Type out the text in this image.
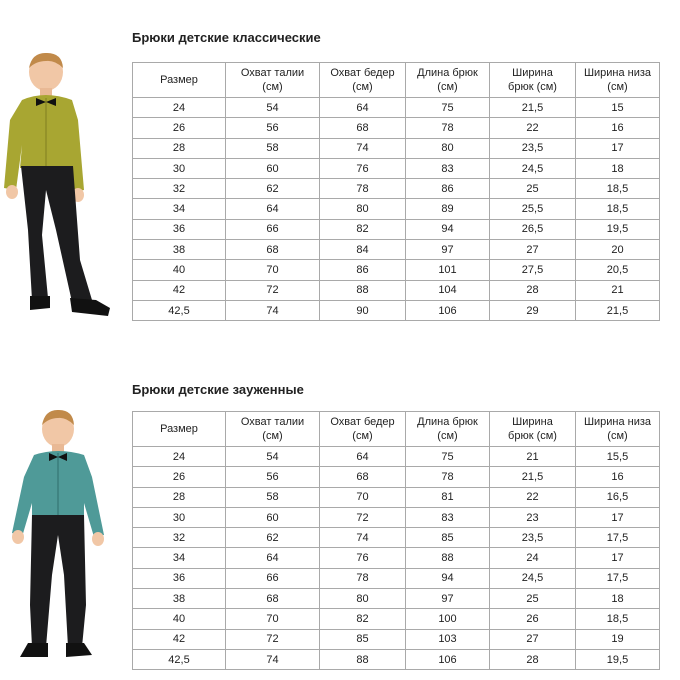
Брюки детские классические
Размер	Охват талии (см)	Охват бедер (см)	Длина брюк (см)	Ширина брюк (см)	Ширина низа (см)
24	54	64	75	21,5	15
26	56	68	78	22	16
28	58	74	80	23,5	17
30	60	76	83	24,5	18
32	62	78	86	25	18,5
34	64	80	89	25,5	18,5
36	66	82	94	26,5	19,5
38	68	84	97	27	20
40	70	86	101	27,5	20,5
42	72	88	104	28	21
42,5	74	90	106	29	21,5
Брюки детские зауженные
Размер	Охват талии (см)	Охват бедер (см)	Длина брюк (см)	Ширина брюк (см)	Ширина низа (см)
24	54	64	75	21	15,5
26	56	68	78	21,5	16
28	58	70	81	22	16,5
30	60	72	83	23	17
32	62	74	85	23,5	17,5
34	64	76	88	24	17
36	66	78	94	24,5	17,5
38	68	80	97	25	18
40	70	82	100	26	18,5
42	72	85	103	27	19
42,5	74	88	106	28	19,5
